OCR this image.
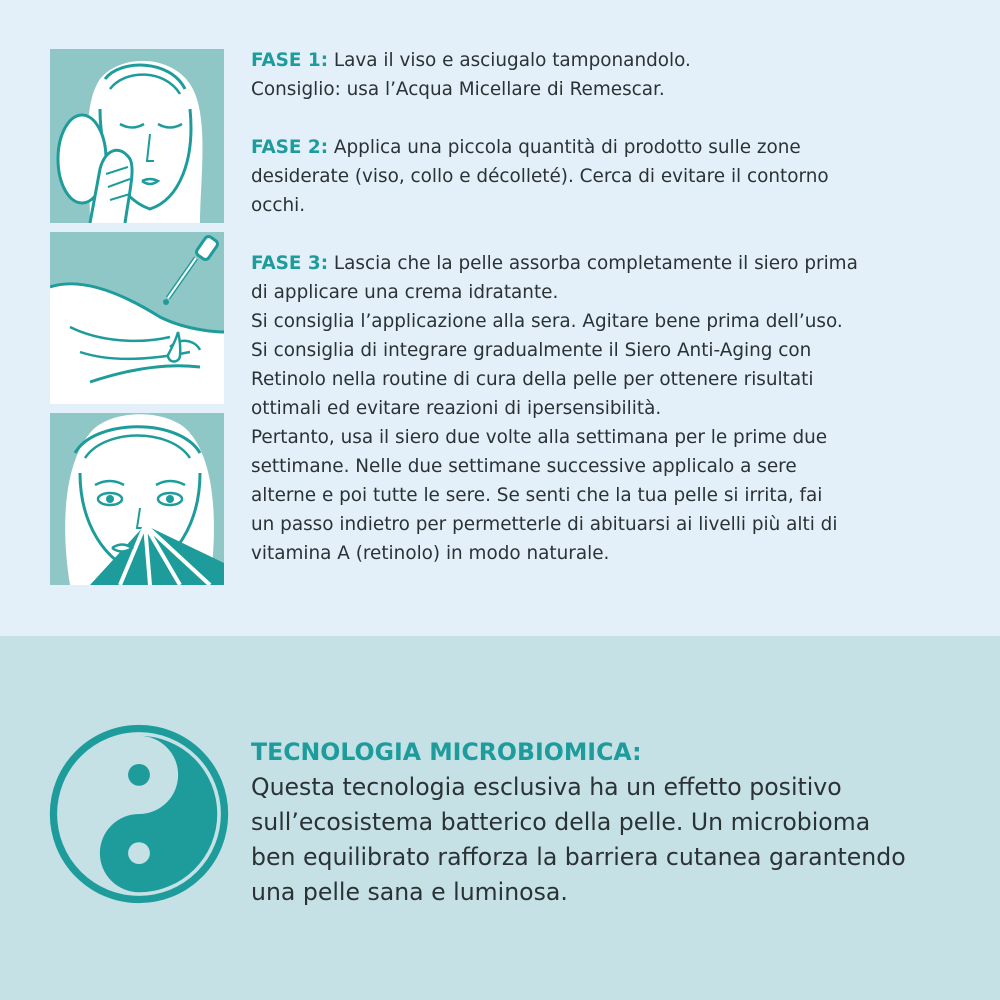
FASE 1: Lava il viso e asciugalo tamponandolo.
Consiglio: usa l’Acqua Micellare di Remescar.
FASE 2: Applica una piccola quantità di prodotto sulle zone
desiderate (viso, collo e décolleté). Cerca di evitare il contorno
occhi.
FASE 3: Lascia che la pelle assorba completamente il siero prima
di applicare una crema idratante.
Si consiglia l’applicazione alla sera. Agitare bene prima dell’uso.
Si consiglia di integrare gradualmente il Siero Anti-Aging con
Retinolo nella routine di cura della pelle per ottenere risultati
ottimali ed evitare reazioni di ipersensibilità.
Pertanto, usa il siero due volte alla settimana per le prime due
settimane. Nelle due settimane successive applicalo a sere
alterne e poi tutte le sere. Se senti che la tua pelle si irrita, fai
un passo indietro per permetterle di abituarsi ai livelli più alti di
vitamina A (retinolo) in modo naturale.
TECNOLOGIA MICROBIOMICA:
Questa tecnologia esclusiva ha un effetto positivo
sull’ecosistema batterico della pelle. Un microbioma
ben equilibrato rafforza la barriera cutanea garantendo
una pelle sana e luminosa.
